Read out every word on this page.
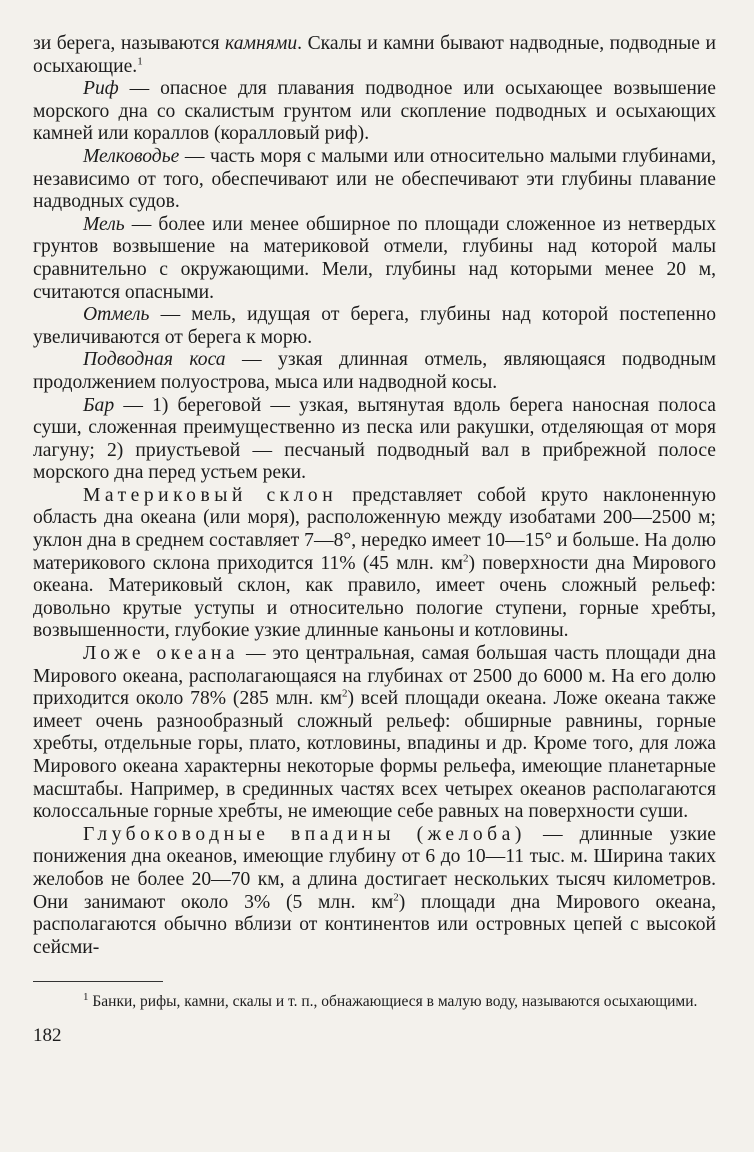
зи берега, называются камнями. Скалы и камни бывают надводные, подводные и осыхающие.$^1$

Риф — опасное для плавания подводное или осыхающее возвышение морского дна со скалистым грунтом или скопление подводных и осыхающих камней или кораллов (коралловый риф).

Мелководье — часть моря с малыми или относительно малыми глубинами, независимо от того, обеспечивают или не обеспечивают эти глубины плавание надводных судов.

Мель — более или менее обширное по площади сложенное из нетвердых грунтов возвышение на материковой отмели, глубины над которой малы сравнительно с окружающими. Мели, глубины над которыми менее 20 м, считаются опасными.

Отмель — мель, идущая от берега, глубины над которой постепенно увеличиваются от берега к морю.

Подводная коса — узкая длинная отмель, являющаяся подводным продолжением полуострова, мыса или надводной косы.

Бар — 1) береговой — узкая, вытянутая вдоль берега наносная полоса суши, сложенная преимущественно из песка или ракушки, отделяющая от моря лагуну; 2) приустьевой — песчаный подводный вал в прибрежной полосе морского дна перед устьем реки.

Материковый склон представляет собой круто наклоненную область дна океана (или моря), расположенную между изобатами 200—2500 м; уклон дна в среднем составляет 7—8°, нередко имеет 10—15° и больше. На долю материкового склона приходится 11% (45 млн. $км^2$) поверхности дна Мирового океана. Материковый склон, как правило, имеет очень сложный рельеф: довольно крутые уступы и относительно пологие ступени, горные хребты, возвышенности, глубокие узкие длинные каньоны и котловины.

Ложе океана — это центральная, самая большая часть площади дна Мирового океана, располагающаяся на глубинах от 2500 до 6000 м. На его долю приходится около 78% (285 млн. $км^2$) всей площади океана. Ложе океана также имеет очень разнообразный сложный рельеф: обширные равнины, горные хребты, отдельные горы, плато, котловины, впадины и др. Кроме того, для ложа Мирового океана характерны некоторые формы рельефа, имеющие планетарные масштабы. Например, в срединных частях всех четырех океанов располагаются колоссальные горные хребты, не имеющие себе равных на поверхности суши.

Глубоководные впадины (желоба) — длинные узкие понижения дна океанов, имеющие глубину от 6 до 10—11 тыс. м. Ширина таких желобов не более 20—70 км, а длина достигает нескольких тысяч километров. Они занимают около 3% (5 млн. $км^2$) площади дна Мирового океана, располагаются обычно вблизи от континентов или островных цепей с высокой сейсми-

$^1$ Банки, рифы, камни, скалы и т. п., обнажающиеся в малую воду, называются осыхающими.

182
